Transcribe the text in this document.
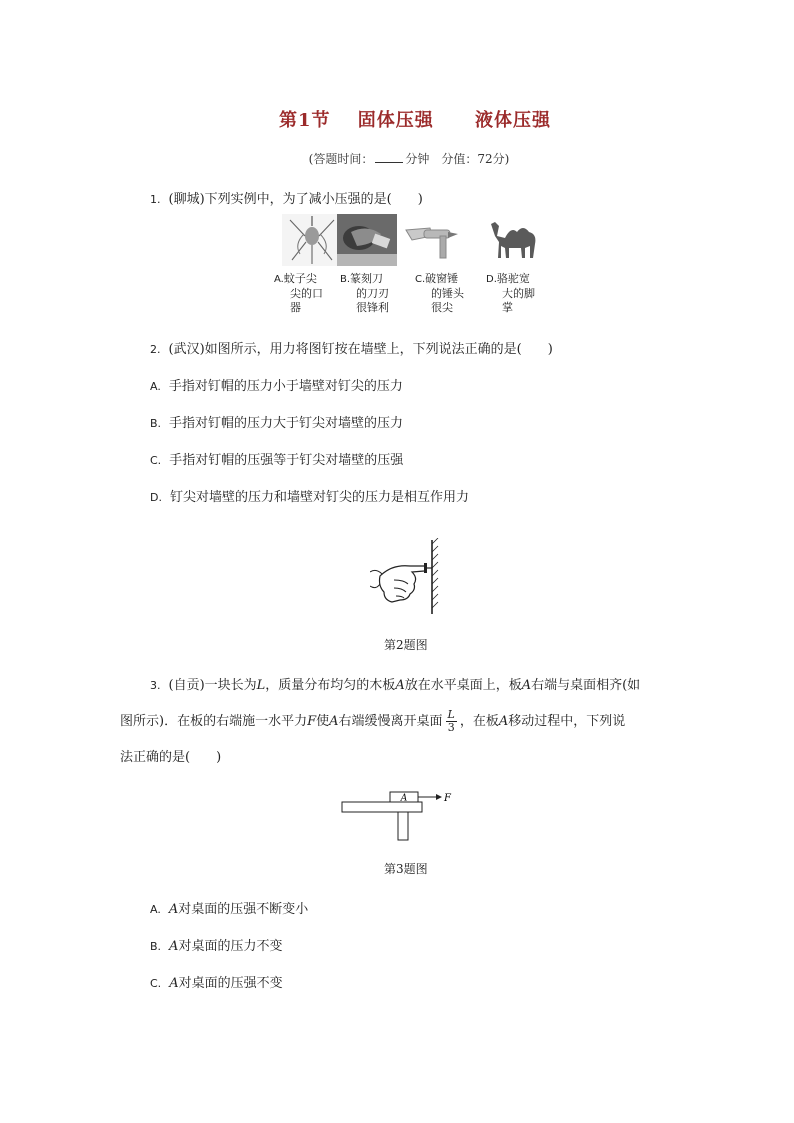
第1节 固体压强 液体压强
(答题时间：	分钟　分值：72分)
1. (聊城)下列实例中，为了减小压强的是(　　)
A.蚊子尖
尖的口
器
B.篆刻刀
的刀刃
很锋利
C.破窗锤
的锤头
很尖
D.骆驼宽
大的脚
掌
2. (武汉)如图所示，用力将图钉按在墙壁上，下列说法正确的是(　　)
A. 手指对钉帽的压力小于墙壁对钉尖的压力
B. 手指对钉帽的压力大于钉尖对墙壁的压力
C. 手指对钉帽的压强等于钉尖对墙壁的压强
D. 钉尖对墙壁的压力和墙壁对钉尖的压力是相互作用力
第2题图
3. (自贡)一块长为L，质量分布均匀的木板A放在水平桌面上，板A右端与桌面相齐(如
图所示)．在板的右端施一水平力F使A右端缓慢离开桌面 $\frac{L}{3}$ ，在板A移动过程中，下列说
法正确的是(　　)
A	F
第3题图
A. A对桌面的压强不断变小
B. A对桌面的压力不变
C. A对桌面的压强不变
